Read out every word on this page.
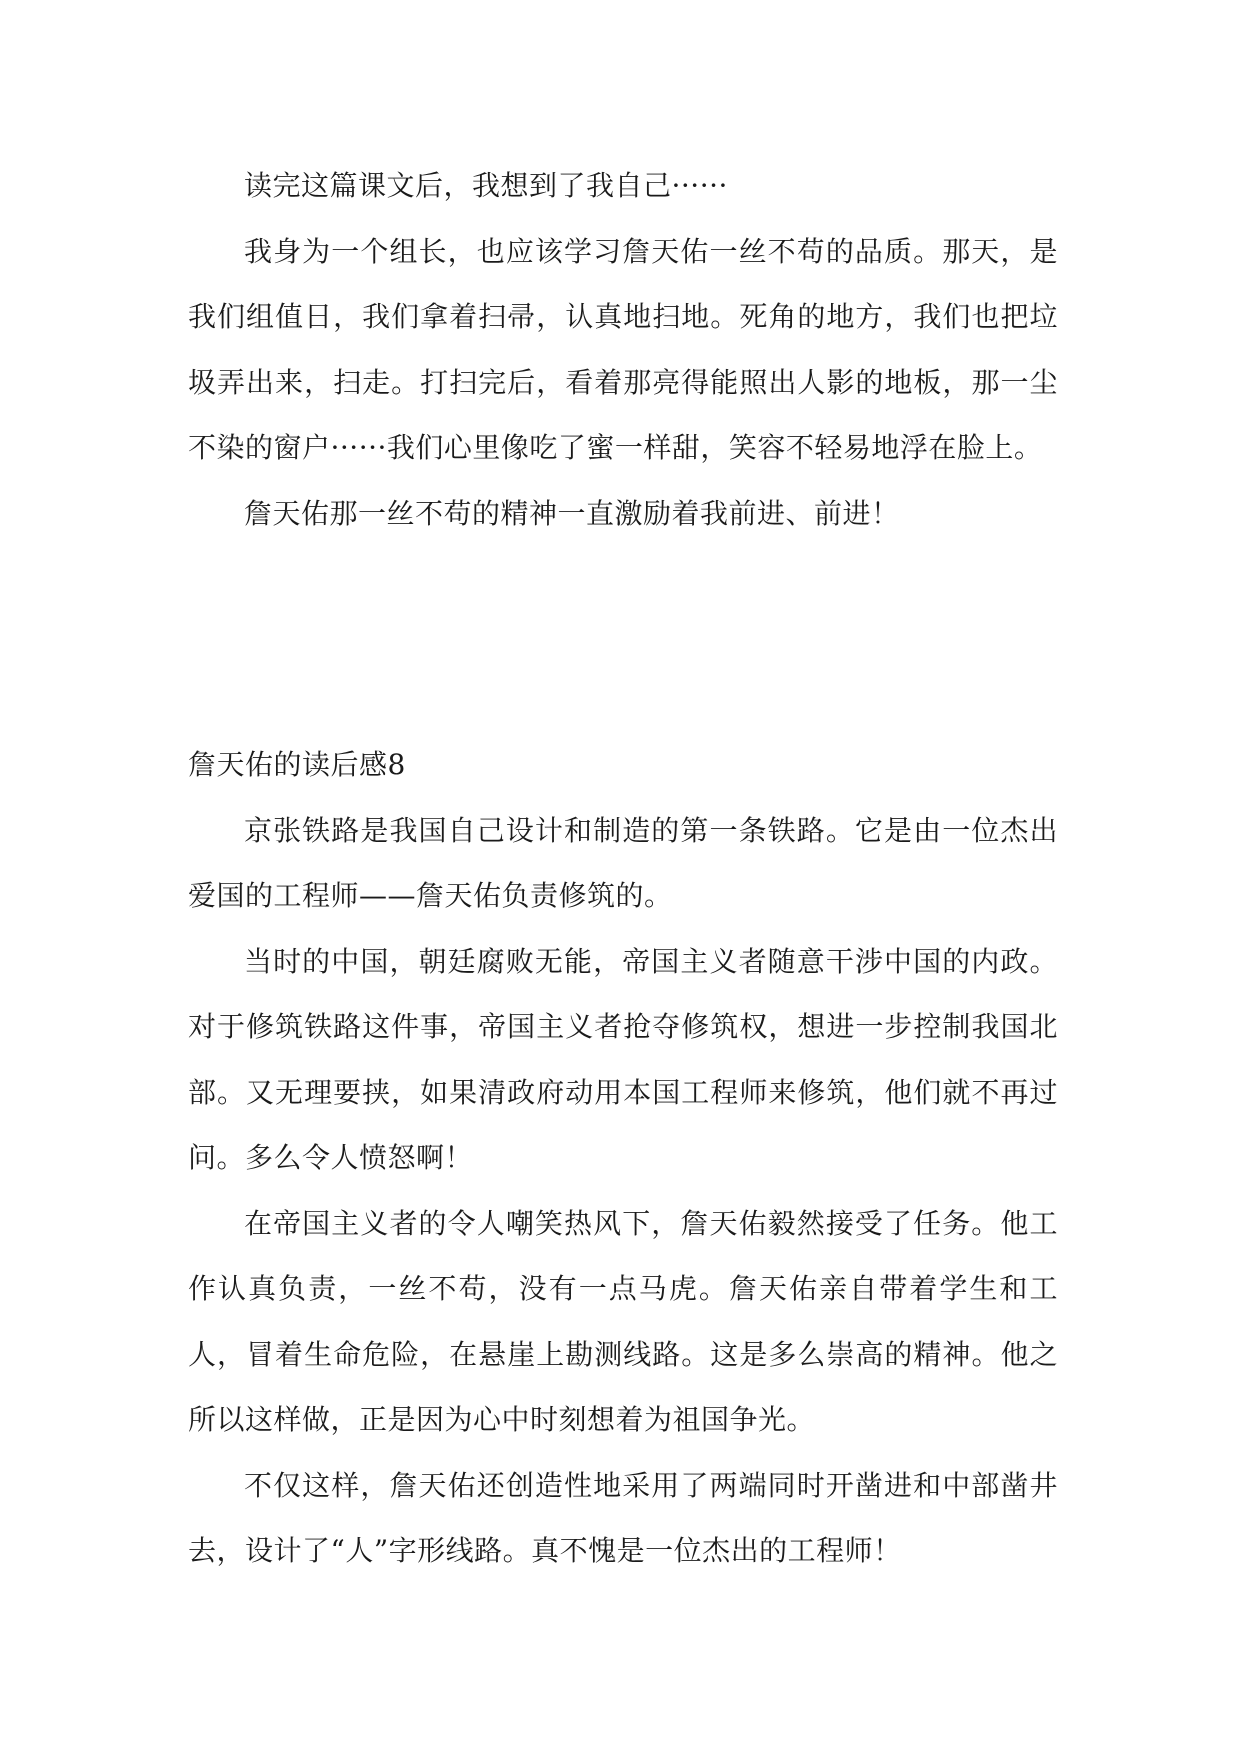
读完这篇课文后，我想到了我自己······

我身为一个组长，也应该学习詹天佑一丝不苟的品质。那天，是我们组值日，我们拿着扫帚，认真地扫地。死角的地方，我们也把垃圾弄出来，扫走。打扫完后，看着那亮得能照出人影的地板，那一尘不染的窗户······我们心里像吃了蜜一样甜，笑容不轻易地浮在脸上。

詹天佑那一丝不苟的精神一直激励着我前进、前进！

詹天佑的读后感8

京张铁路是我国自己设计和制造的第一条铁路。它是由一位杰出爱国的工程师——詹天佑负责修筑的。

当时的中国，朝廷腐败无能，帝国主义者随意干涉中国的内政。对于修筑铁路这件事，帝国主义者抢夺修筑权，想进一步控制我国北部。又无理要挟，如果清政府动用本国工程师来修筑，他们就不再过问。多么令人愤怒啊！

在帝国主义者的令人嘲笑热风下，詹天佑毅然接受了任务。他工作认真负责，一丝不苟，没有一点马虎。詹天佑亲自带着学生和工人，冒着生命危险，在悬崖上勘测线路。这是多么崇高的精神。他之所以这样做，正是因为心中时刻想着为祖国争光。

不仅这样，詹天佑还创造性地采用了两端同时开凿进和中部凿井去，设计了“人”字形线路。真不愧是一位杰出的工程师！
